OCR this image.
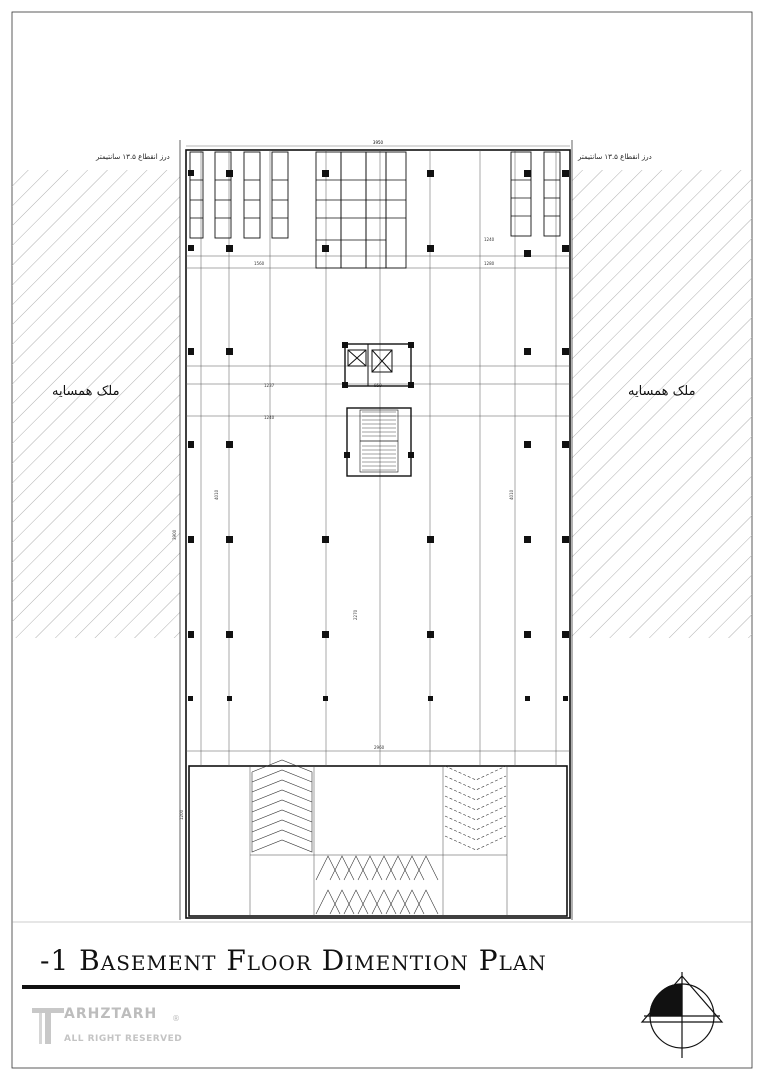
3950
1560	1280
1240
1237
1240
950
2960
3900
4010
2270
4010
1200
ملک همسایه	ملک همسایه
درز انقطاع ۱۳.۵ سانتیمتر	درز انقطاع ۱۳.۵ سانتیمتر
-1 Basement Floor Dimention Plan
ARHZTARH
ALL RIGHT RESERVED
®
